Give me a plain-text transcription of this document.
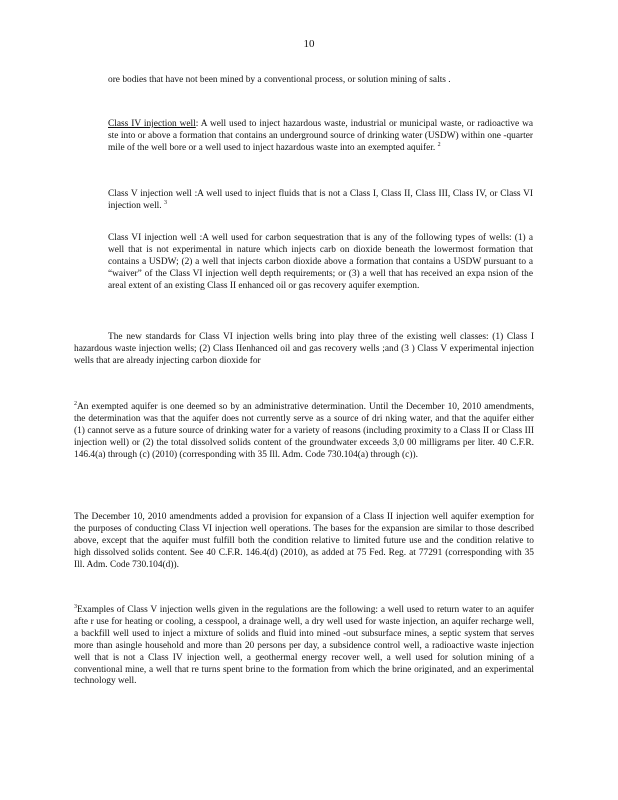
10
ore bodies that have not been mined by a conventional process, or solution mining of salts .
Class IV injection well: A well used to inject hazardous waste, industrial or municipal waste, or radioactive wa ste into or above a formation that contains an underground source of drinking water (USDW) within one -quarter mile of the well bore or a well used to inject hazardous waste into an exempted aquifer. $^2$
Class V injection well :A well used to inject fluids that is not a Class I, Class II, Class III, Class IV, or Class VI injection well. $^3$
Class VI injection well :A well used for carbon sequestration that is any of the following types of wells: (1) a well that is not experimental in nature which injects carb on dioxide beneath the lowermost formation that contains a USDW; (2) a well that injects carbon dioxide above a formation that contains a USDW pursuant to a “waiver” of the Class VI injection well depth requirements; or (3) a well that has received an expa nsion of the areal extent of an existing Class II enhanced oil or gas recovery aquifer exemption.
The new standards for Class VI injection wells bring into play three of the existing well classes: (1) Class I hazardous waste injection wells; (2) Class IIenhanced oil and gas recovery wells ;and (3 ) Class V experimental injection wells that are already injecting carbon dioxide for
$^2$An exempted aquifer is one deemed so by an administrative determination. Until the December 10, 2010 amendments, the determination was that the aquifer does not currently serve as a source of dri nking water, and that the aquifer either (1) cannot serve as a future source of drinking water for a variety of reasons (including proximity to a Class II or Class III injection well) or (2) the total dissolved solids content of the groundwater exceeds 3,0 00 milligrams per liter. 40 C.F.R. 146.4(a) through (c) (2010) (corresponding with 35 Ill. Adm. Code 730.104(a) through (c)).
The December 10, 2010 amendments added a provision for expansion of a Class II injection well aquifer exemption for the purposes of conducting Class VI injection well operations. The bases for the expansion are similar to those described above, except that the aquifer must fulfill both the condition relative to limited future use and the condition relative to high dissolved solids content. See 40 C.F.R. 146.4(d) (2010), as added at 75 Fed. Reg. at 77291 (corresponding with 35 Ill. Adm. Code 730.104(d)).
$^3$Examples of Class V injection wells given in the regulations are the following: a well used to return water to an aquifer afte r use for heating or cooling, a cesspool, a drainage well, a dry well used for waste injection, an aquifer recharge well, a backfill well used to inject a mixture of solids and fluid into mined -out subsurface mines, a septic system that serves more than asingle household and more than 20 persons per day, a subsidence control well, a radioactive waste injection well that is not a Class IV injection well, a geothermal energy recover well, a well used for solution mining of a conventional mine, a well that re turns spent brine to the formation from which the brine originated, and an experimental technology well.
